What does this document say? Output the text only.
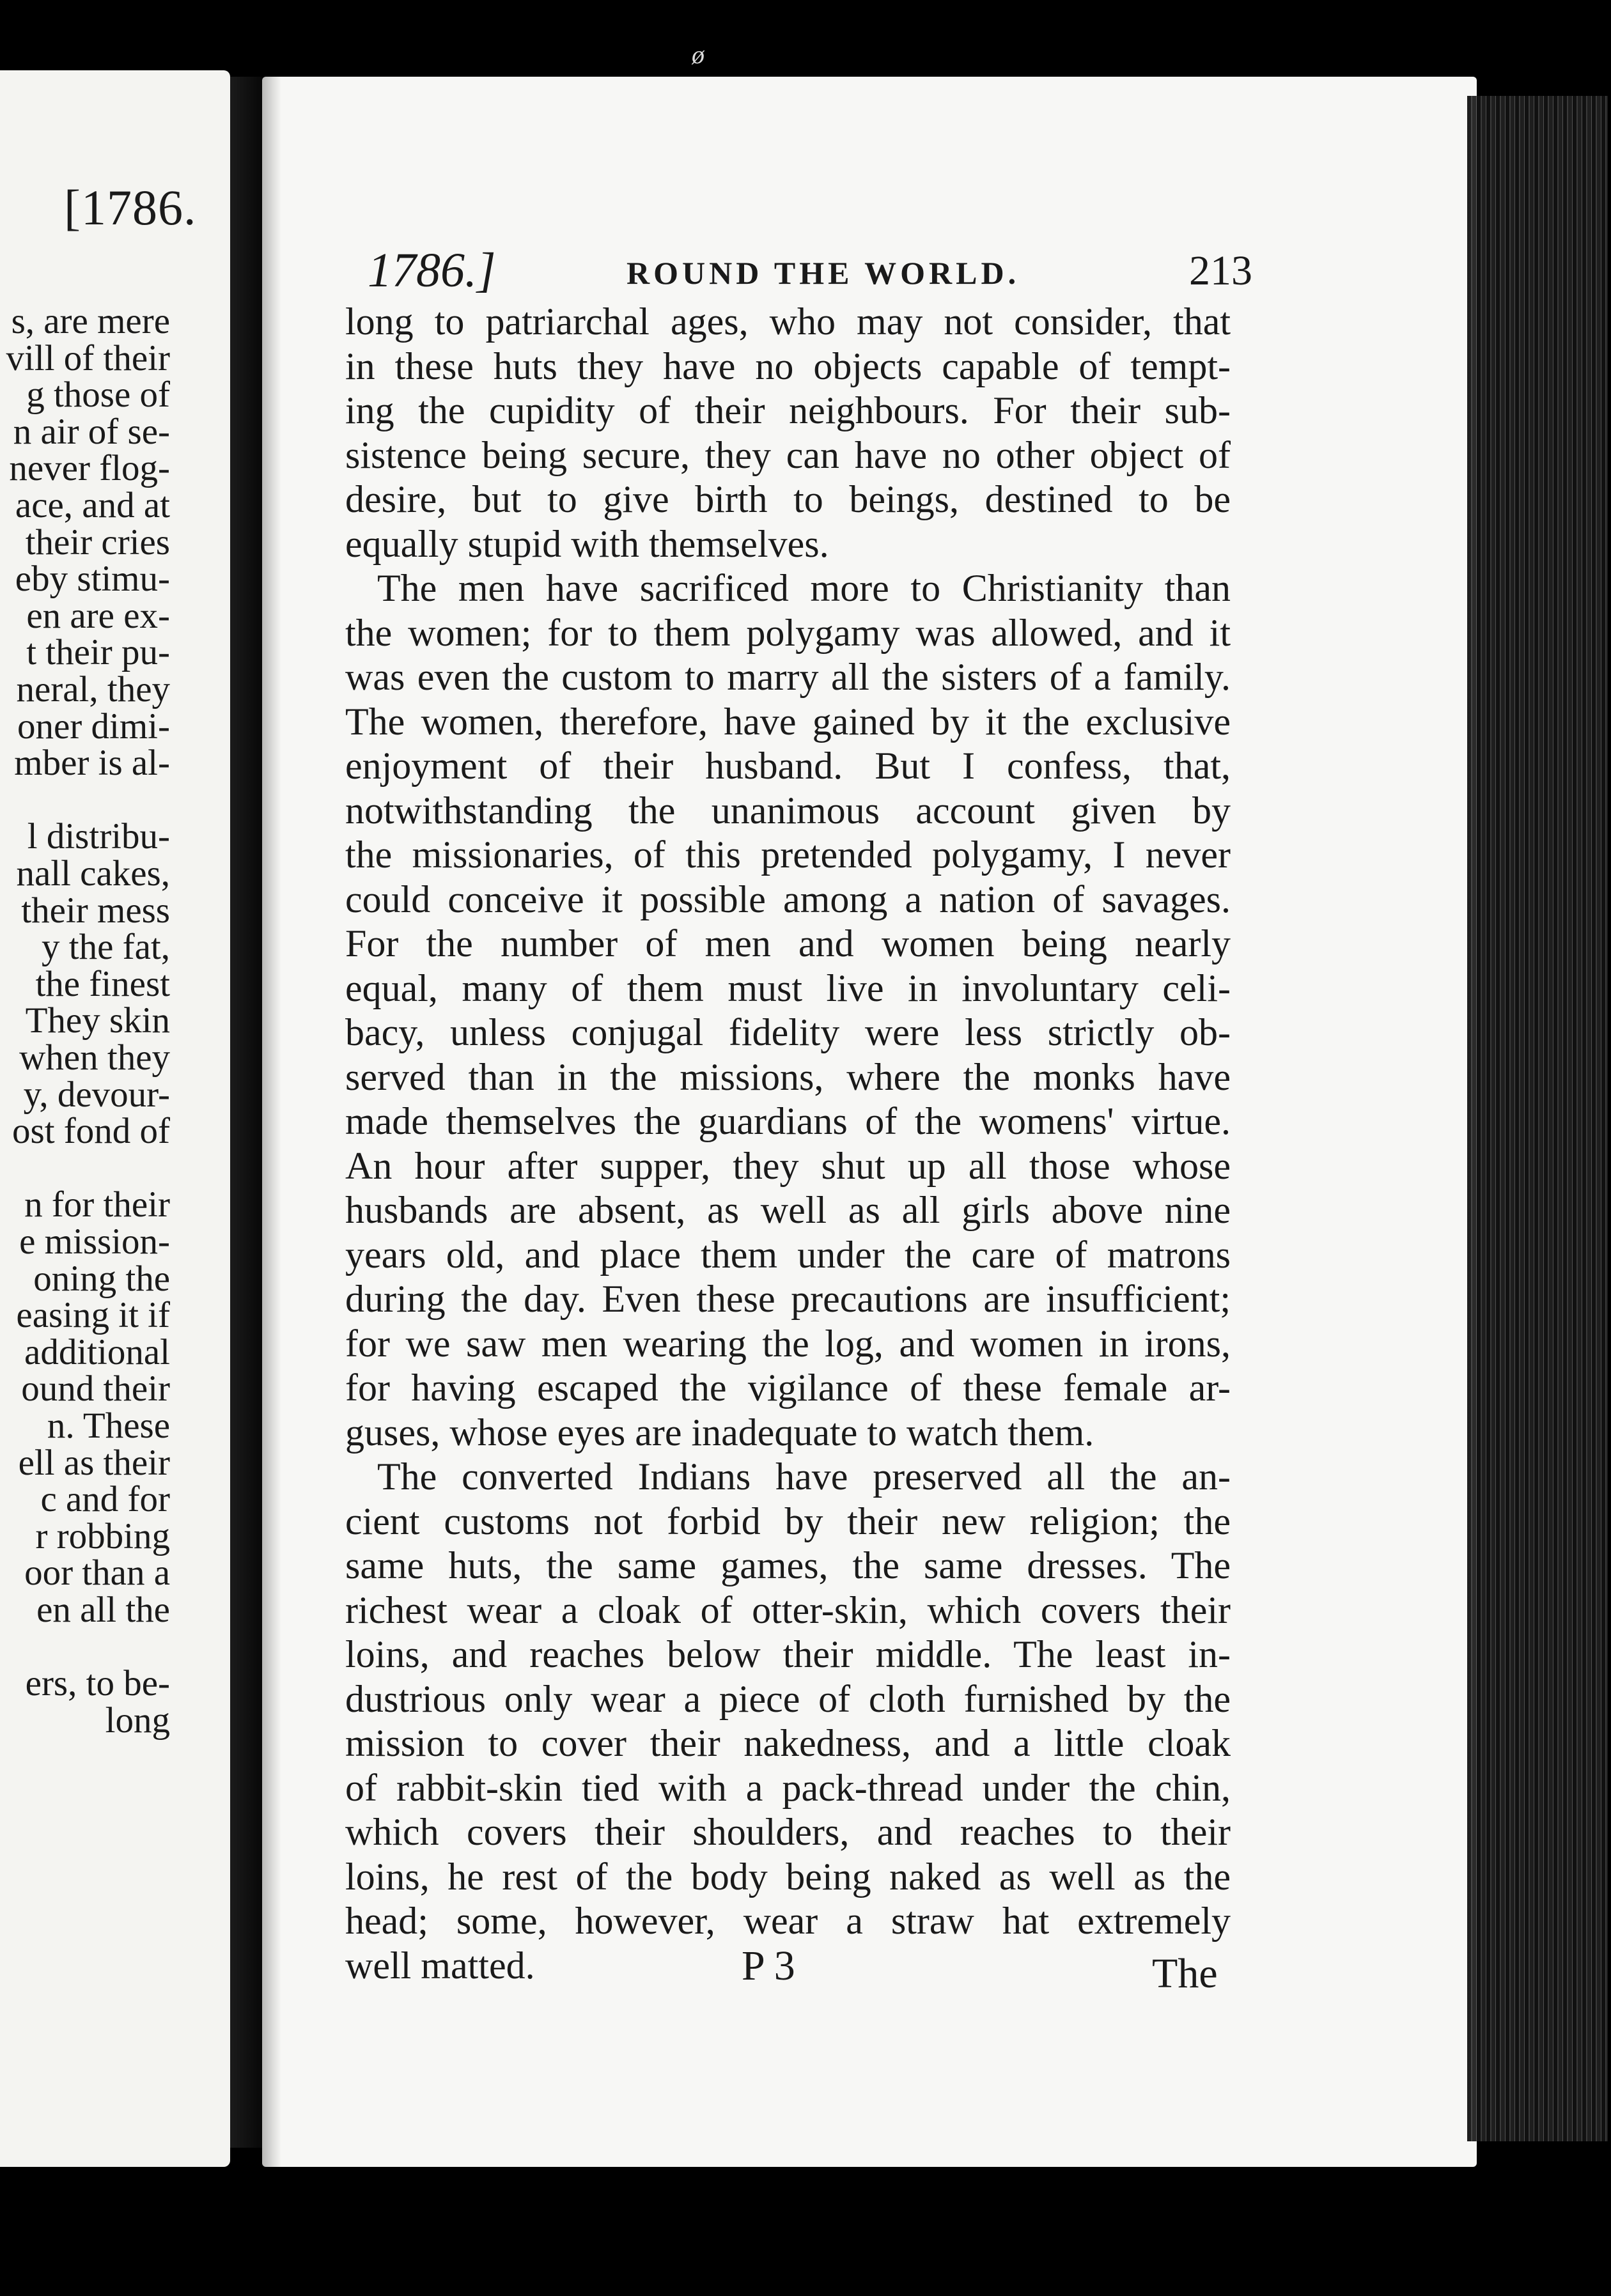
[1786.
s, are mere
vill of their
g those of
n air of se-
never flog-
ace, and at
their cries
eby stimu-
en are ex-
t their pu-
neral, they
oner dimi-
mber is al-
l distribu-
nall cakes,
their mess
y the fat,
the finest
They skin
when they
y, devour-
ost fond of
n for their
e mission-
oning the
easing it if
additional
ound their
n. These
ell as their
c and for
r robbing
oor than a
en all the
ers, to be-
long
ø
1786.]	ROUND THE WORLD.	213
long to patriarchal ages, who may not consider, that
in these huts they have no objects capable of tempt-
ing the cupidity of their neighbours. For their sub-
sistence being secure, they can have no other object of
desire, but to give birth to beings, destined to be
equally stupid with themselves.
The men have sacrificed more to Christianity than
the women; for to them polygamy was allowed, and it
was even the custom to marry all the sisters of a family.
The women, therefore, have gained by it the exclusive
enjoyment of their husband. But I confess, that,
notwithstanding the unanimous account given by
the missionaries, of this pretended polygamy, I never
could conceive it possible among a nation of savages.
For the number of men and women being nearly
equal, many of them must live in involuntary celi-
bacy, unless conjugal fidelity were less strictly ob-
served than in the missions, where the monks have
made themselves the guardians of the womens' virtue.
An hour after supper, they shut up all those whose
husbands are absent, as well as all girls above nine
years old, and place them under the care of matrons
during the day. Even these precautions are insufficient;
for we saw men wearing the log, and women in irons,
for having escaped the vigilance of these female ar-
guses, whose eyes are inadequate to watch them.
The converted Indians have preserved all the an-
cient customs not forbid by their new religion; the
same huts, the same games, the same dresses. The
richest wear a cloak of otter-skin, which covers their
loins, and reaches below their middle. The least in-
dustrious only wear a piece of cloth furnished by the
mission to cover their nakedness, and a little cloak
of rabbit-skin tied with a pack-thread under the chin,
which covers their shoulders, and reaches to their
loins, he rest of the body being naked as well as the
head; some, however, wear a straw hat extremely
well matted.	P 3	The
